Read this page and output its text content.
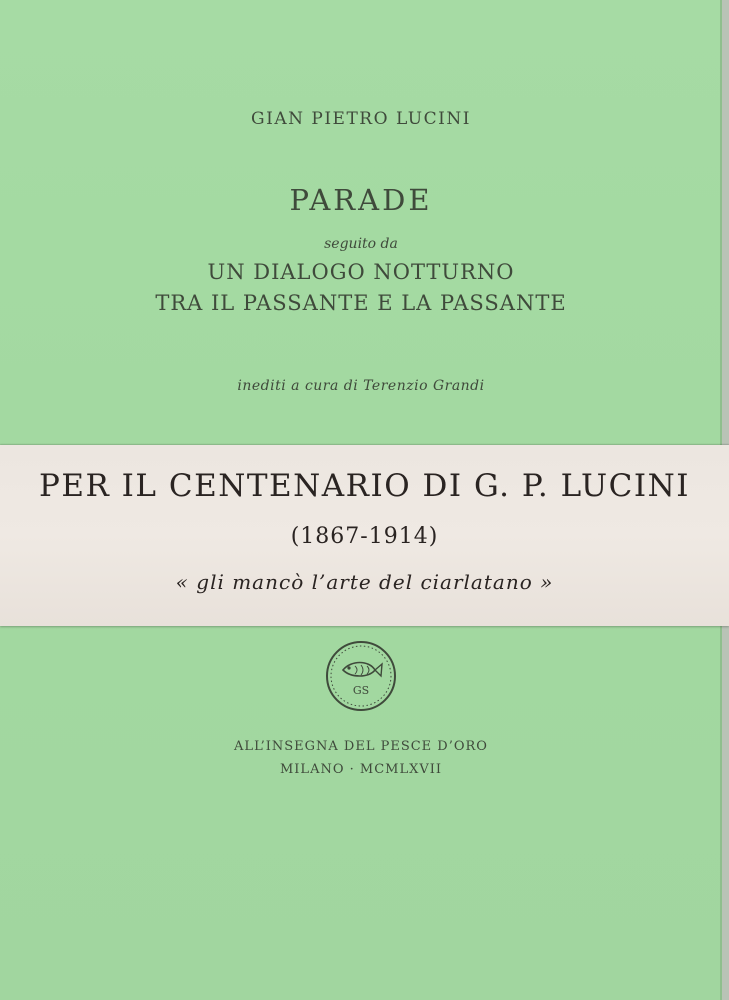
GIAN PIETRO LUCINI
PARADE
seguito da
UN DIALOGO NOTTURNO
TRA IL PASSANTE E LA PASSANTE
inediti a cura di Terenzio Grandi
GS
ALL’INSEGNA DEL PESCE D’ORO
MILANO · MCMLXVII
PER IL CENTENARIO DI G. P. LUCINI
(1867-1914)
« gli mancò l’arte del ciarlatano »
